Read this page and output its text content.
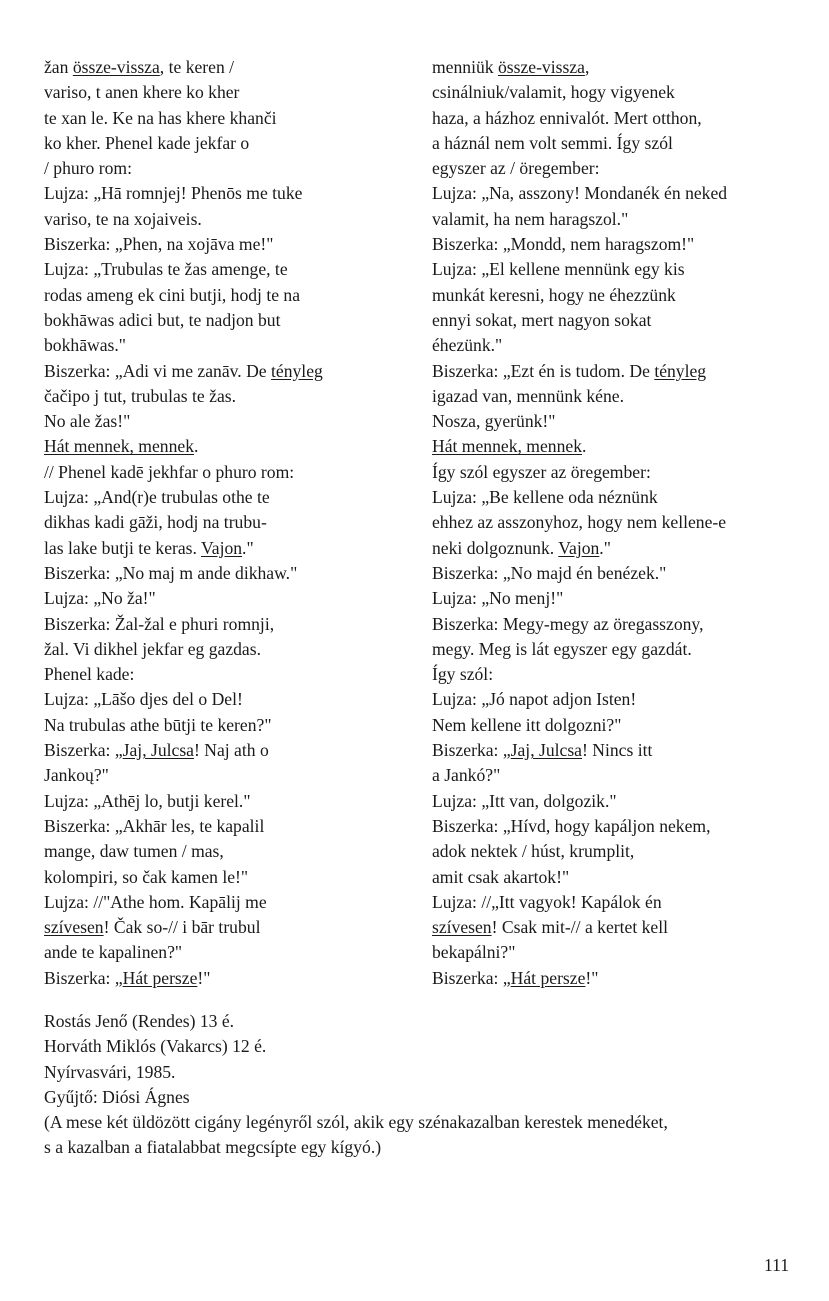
žan össze-vissza, te keren /
variso, t anen khere ko kher
te xan le. Ke na has khere khanči
ko kher. Phenel kade jekfar o
/ phuro rom:
Lujza: „Hā romnjej! Phenōs me tuke
variso, te na xojaiveis.
Biszerka: „Phen, na xojāva me!"
Lujza: „Trubulas te žas amenge, te
rodas ameng ek cini butji, hodj te na
bokhāwas adici but, te nadjon but
bokhāwas."
Biszerka: „Adi vi me zanāv. De tényleg
čačipo j tut, trubulas te žas.
No ale žas!"
Hát mennek, mennek.
// Phenel kadē jekhfar o phuro rom:
Lujza: „And(r)e trubulas othe te
dikhas kadi gāži, hodj na trubu-
las lake butji te keras. Vajon."
Biszerka: „No maj m ande dikhaw."
Lujza: „No ža!"
Biszerka: Žal-žal e phuri romnji,
žal. Vi dikhel jekfar eg gazdas.
Phenel kade:
Lujza: „Lāšo djes del o Del!
Na trubulas athe būtji te keren?"
Biszerka: „Jaj, Julcsa! Naj ath o
Jankoų?"
Lujza: „Athēj lo, butji kerel."
Biszerka: „Akhār les, te kapalil
mange, daw tumen / mas,
kolompiri, so čak kamen le!"
Lujza: //"Athe hom. Kapālij me
szívesen! Čak so-// i bār trubul
ande te kapalinen?"
Biszerka: „Hát persze!"
menniük össze-vissza,
csinálniuk/valamit, hogy vigyenek
haza, a házhoz ennivalót. Mert otthon,
a háznál nem volt semmi. Így szól
egyszer az / öregember:
Lujza: „Na, asszony! Mondanék én neked
valamit, ha nem haragszol."
Biszerka: „Mondd, nem haragszom!"
Lujza: „El kellene mennünk egy kis
munkát keresni, hogy ne éhezzünk
ennyi sokat, mert nagyon sokat
éhezünk."
Biszerka: „Ezt én is tudom. De tényleg
igazad van, mennünk kéne.
Nosza, gyerünk!"
Hát mennek, mennek.
Így szól egyszer az öregember:
Lujza: „Be kellene oda néznünk
ehhez az asszonyhoz, hogy nem kellene-e
neki dolgoznunk. Vajon."
Biszerka: „No majd én benézek."
Lujza: „No menj!"
Biszerka: Megy-megy az öregasszony,
megy. Meg is lát egyszer egy gazdát.
Így szól:
Lujza: „Jó napot adjon Isten!
Nem kellene itt dolgozni?"
Biszerka: „Jaj, Julcsa! Nincs itt
a Jankó?"
Lujza: „Itt van, dolgozik."
Biszerka: „Hívd, hogy kapáljon nekem,
adok nektek / húst, krumplit,
amit csak akartok!"
Lujza: //„Itt vagyok! Kapálok én
szívesen! Csak mit-// a kertet kell
bekapálni?"
Biszerka: „Hát persze!"
Rostás Jenő (Rendes) 13 é.
Horváth Miklós (Vakarcs) 12 é.
Nyírvasvári, 1985.
Gyűjtő: Diósi Ágnes
(A mese két üldözött cigány legényről szól, akik egy szénakazalban kerestek menedéket,
s a kazalban a fiatalabbat megcsípte egy kígyó.)
111
